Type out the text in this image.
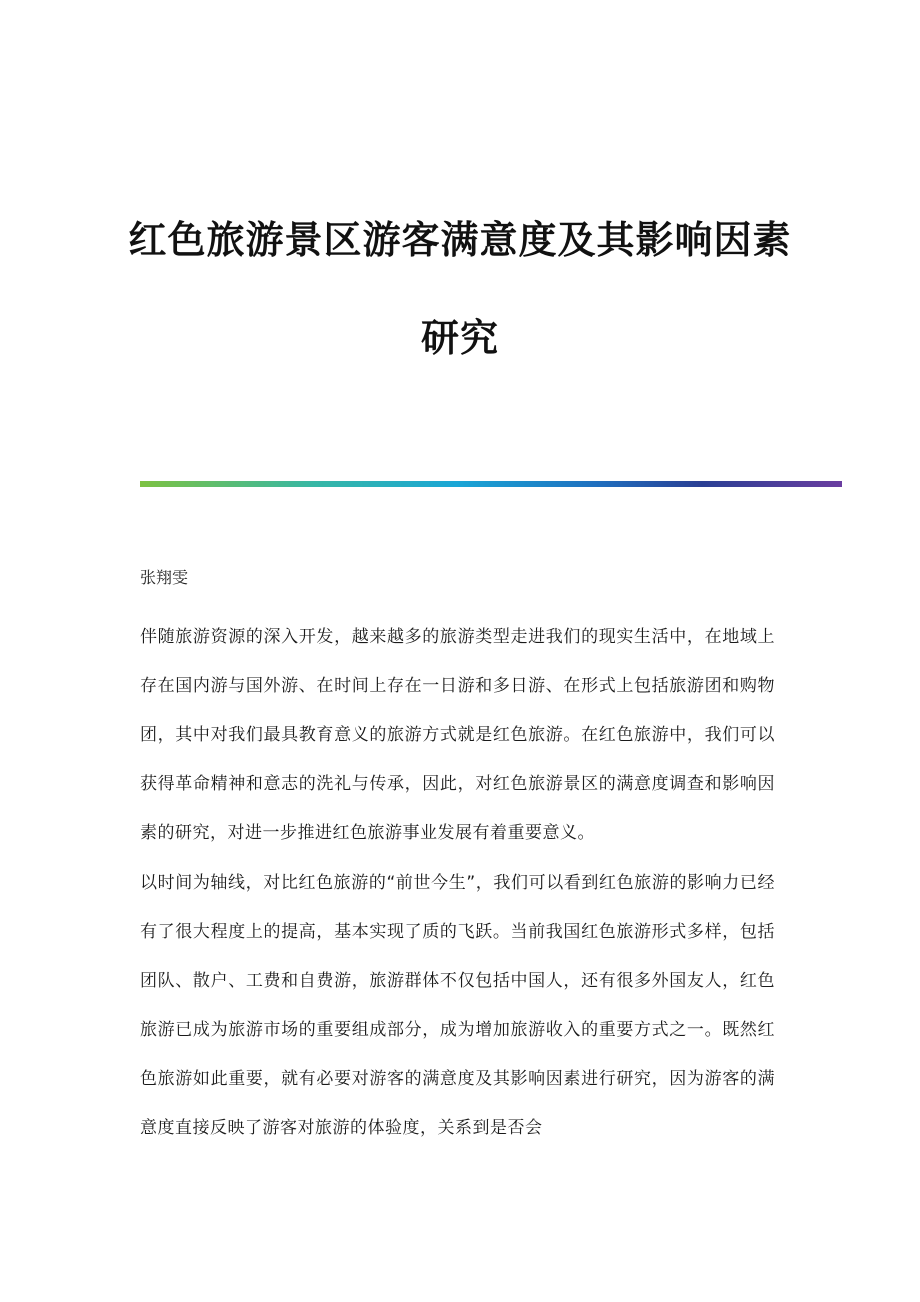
红色旅游景区游客满意度及其影响因素
研究
张翔雯

伴随旅游资源的深入开发，越来越多的旅游类型走进我们的现实生活中，在地域上存在国内游与国外游、在时间上存在一日游和多日游、在形式上包括旅游团和购物团，其中对我们最具教育意义的旅游方式就是红色旅游。在红色旅游中，我们可以获得革命精神和意志的洗礼与传承，因此，对红色旅游景区的满意度调查和影响因素的研究，对进一步推进红色旅游事业发展有着重要意义。

以时间为轴线，对比红色旅游的“前世今生”，我们可以看到红色旅游的影响力已经有了很大程度上的提高，基本实现了质的飞跃。当前我国红色旅游形式多样，包括团队、散户、工费和自费游，旅游群体不仅包括中国人，还有很多外国友人，红色旅游已成为旅游市场的重要组成部分，成为增加旅游收入的重要方式之一。既然红色旅游如此重要，就有必要对游客的满意度及其影响因素进行研究，因为游客的满意度直接反映了游客对旅游的体验度，关系到是否会
